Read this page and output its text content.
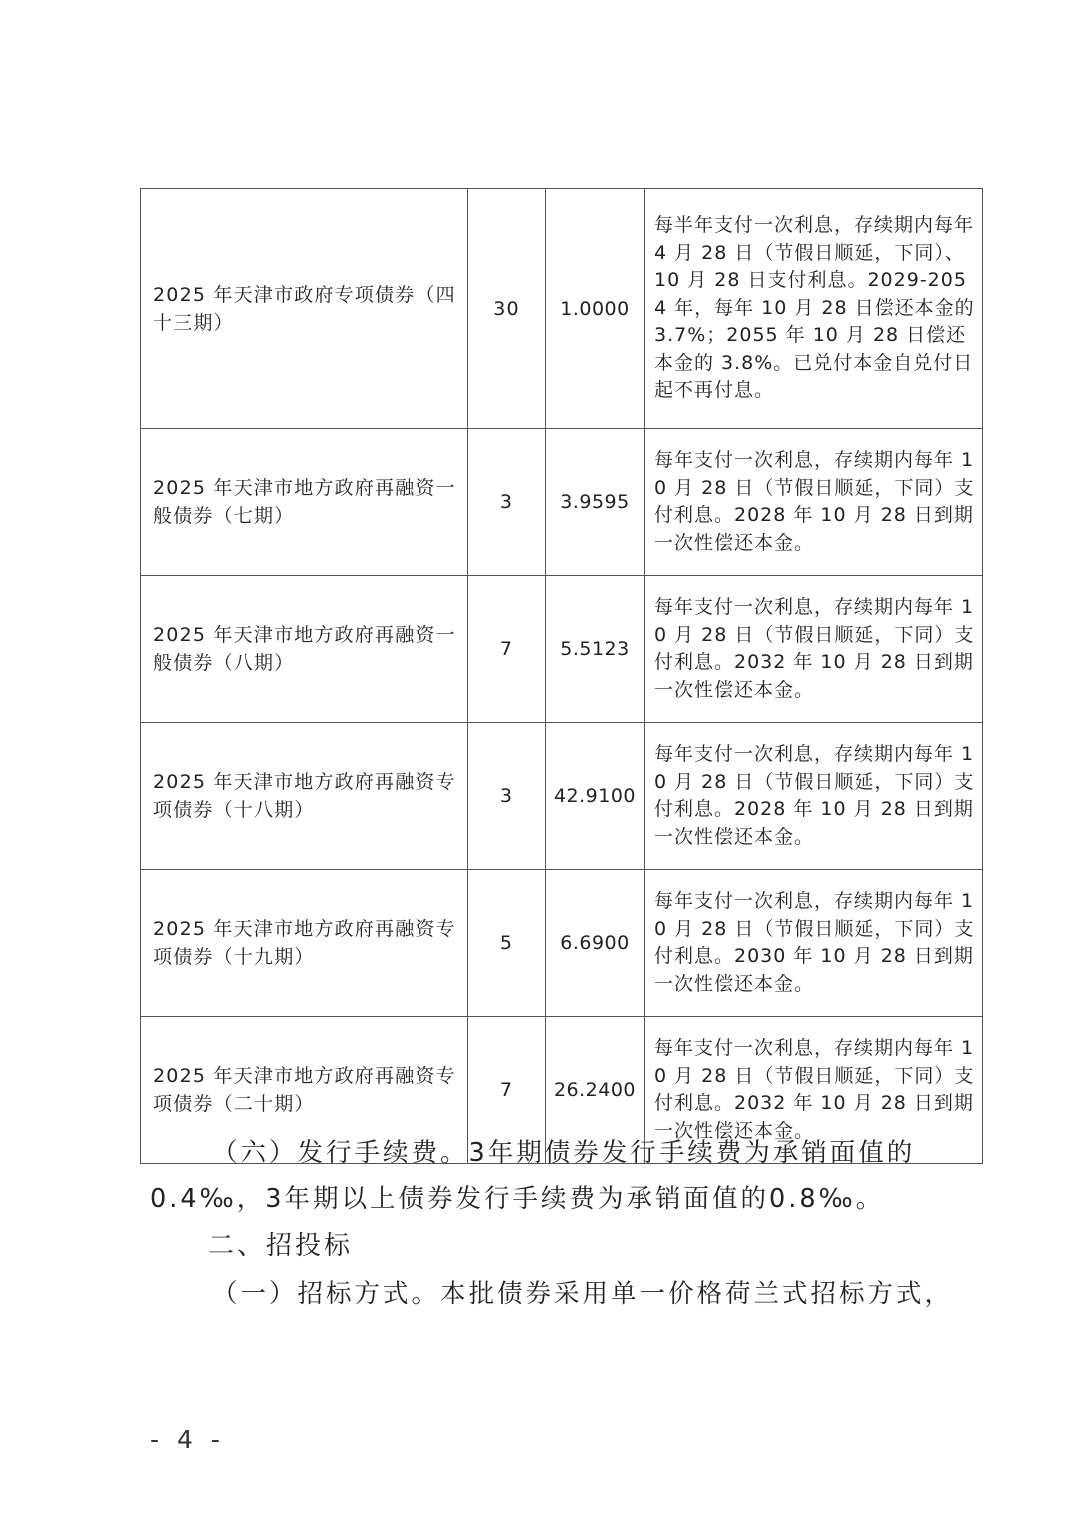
2025 年天津市政府专项债券（四十三期）	30	1.0000	每半年支付一次利息，存续期内每年 4 月 28 日（节假日顺延，下同）、10 月 28 日支付利息。2029-2054 年，每年 10 月 28 日偿还本金的 3.7%；2055 年 10 月 28 日偿还本金的 3.8%。已兑付本金自兑付日起不再付息。

2025 年天津市地方政府再融资一般债券（七期）	3	3.9595	每年支付一次利息，存续期内每年 10 月 28 日（节假日顺延，下同）支付利息。2028 年 10 月 28 日到期一次性偿还本金。

2025 年天津市地方政府再融资一般债券（八期）	7	5.5123	每年支付一次利息，存续期内每年 10 月 28 日（节假日顺延，下同）支付利息。2032 年 10 月 28 日到期一次性偿还本金。

2025 年天津市地方政府再融资专项债券（十八期）	3	42.9100	每年支付一次利息，存续期内每年 10 月 28 日（节假日顺延，下同）支付利息。2028 年 10 月 28 日到期一次性偿还本金。

2025 年天津市地方政府再融资专项债券（十九期）	5	6.6900	每年支付一次利息，存续期内每年 10 月 28 日（节假日顺延，下同）支付利息。2030 年 10 月 28 日到期一次性偿还本金。

2025 年天津市地方政府再融资专项债券（二十期）	7	26.2400	每年支付一次利息，存续期内每年 10 月 28 日（节假日顺延，下同）支付利息。2032 年 10 月 28 日到期一次性偿还本金。
（六）发行手续费。3年期债券发行手续费为承销面值的
0.4‰，3年期以上债券发行手续费为承销面值的0.8‰。
二、招投标
（一）招标方式。本批债券采用单一价格荷兰式招标方式，
- 4 -
